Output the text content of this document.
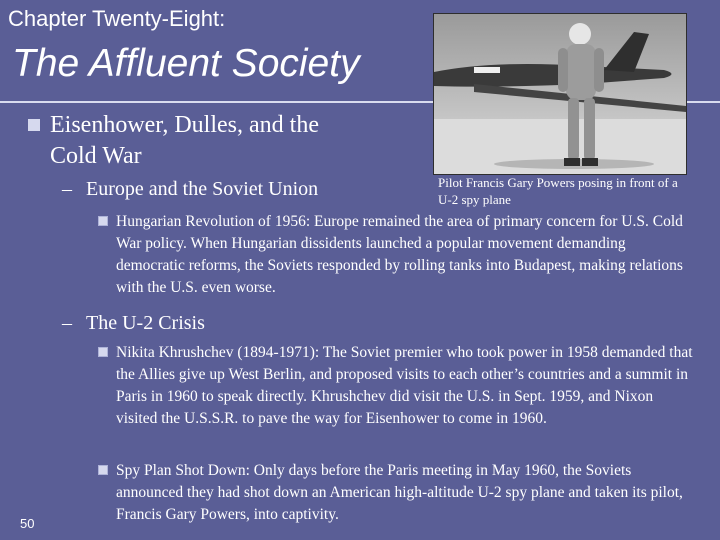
Chapter Twenty-Eight:
The Affluent Society
Pilot Francis Gary Powers posing in front of a U-2 spy plane
Eisenhower, Dulles, and the Cold War
– Europe and the Soviet Union
Hungarian Revolution of 1956: Europe remained the area of primary concern for U.S. Cold War policy. When Hungarian dissidents launched a popular movement demanding democratic reforms, the Soviets responded by rolling tanks into Budapest, making relations with the U.S. even worse.
– The U-2 Crisis
Nikita Khrushchev (1894-1971): The Soviet premier who took power in 1958 demanded that the Allies give up West Berlin, and proposed visits to each other’s countries and a summit in Paris in 1960 to speak directly. Khrushchev did visit the U.S. in Sept. 1959, and Nixon visited the U.S.S.R. to pave the way for Eisenhower to come in 1960.
Spy Plan Shot Down: Only days before the Paris meeting in May 1960, the Soviets announced they had shot down an American high-altitude U-2 spy plane and taken its pilot, Francis Gary Powers, into captivity.
50
